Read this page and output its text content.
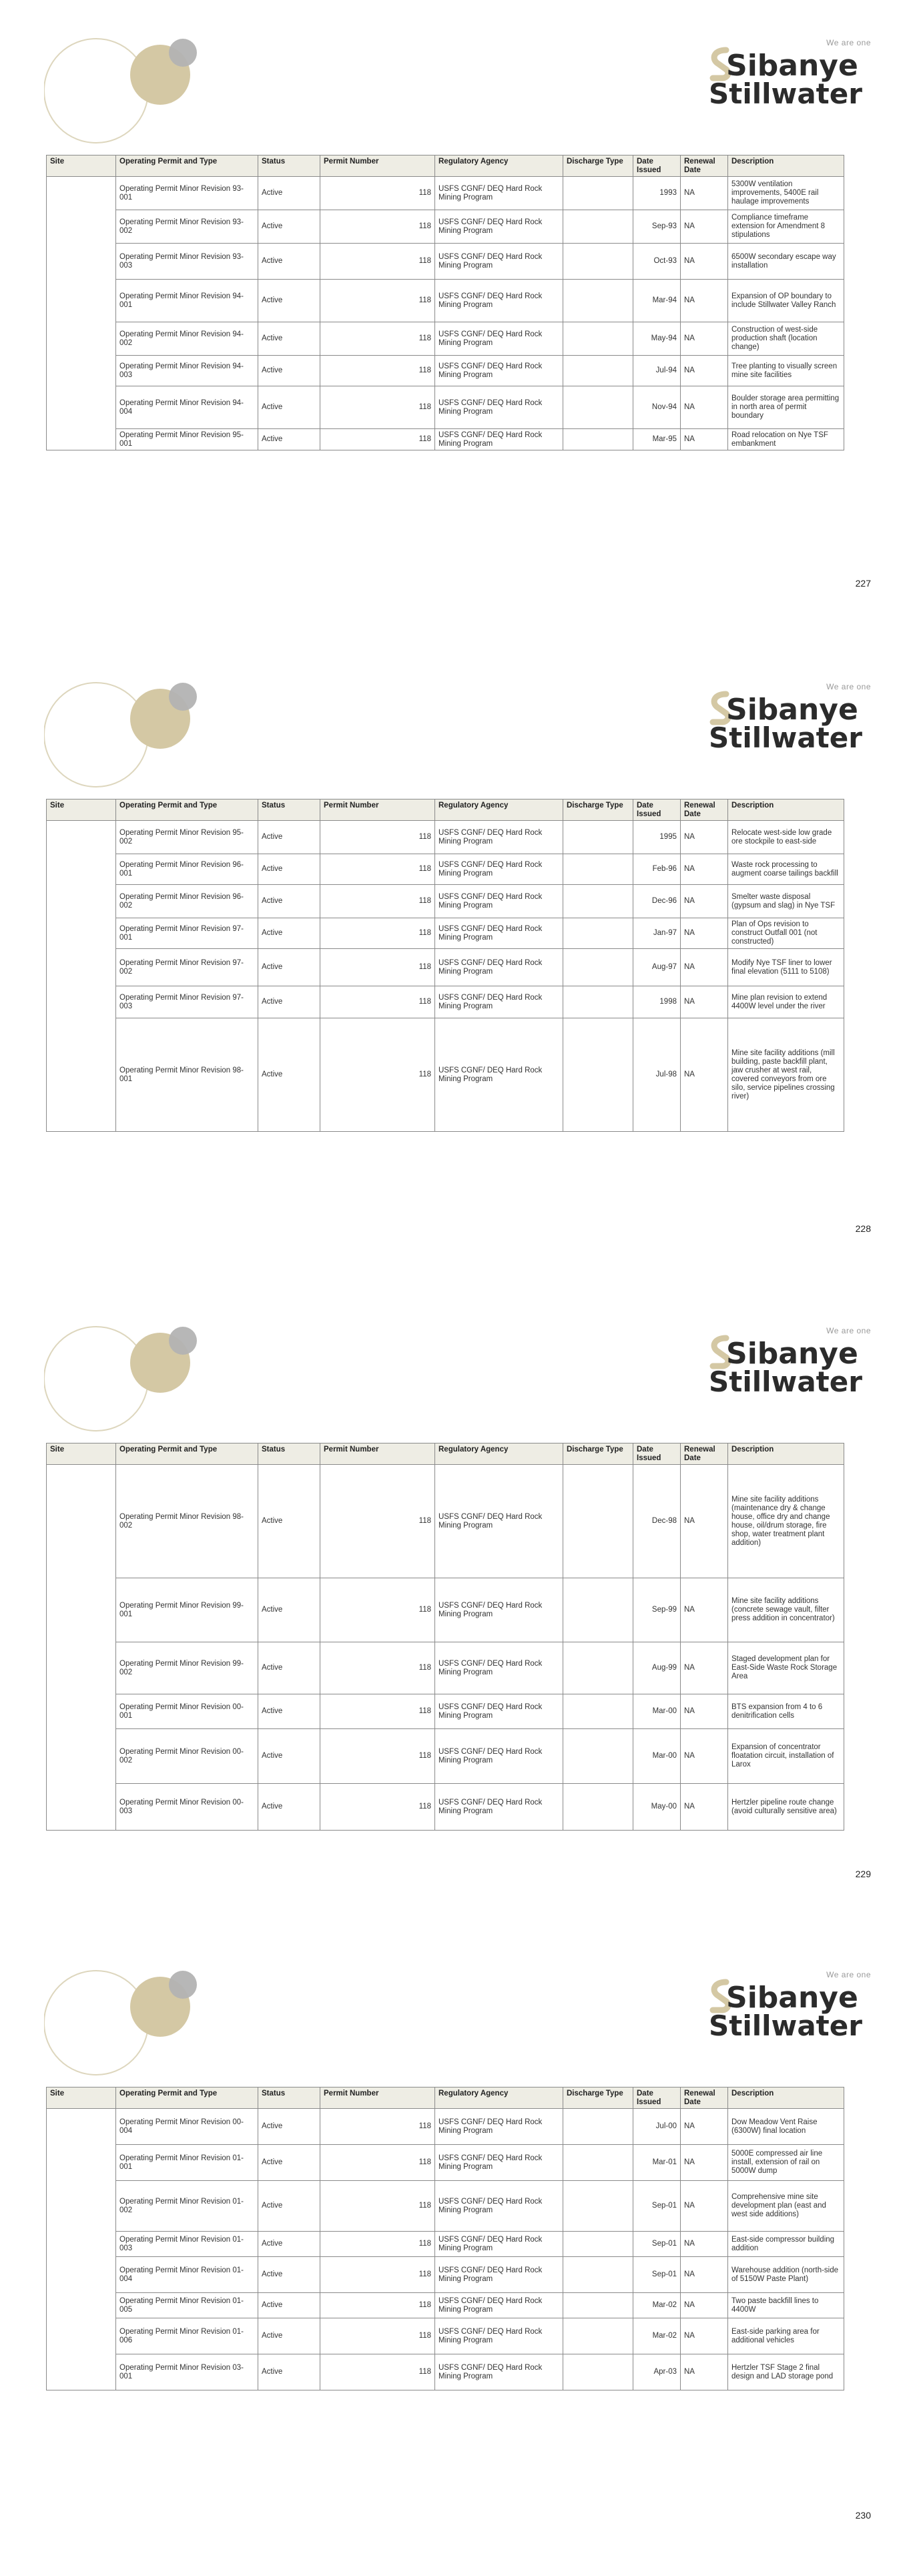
We are one
Sibanye
Stillwater
Site	Operating Permit and Type	Status	Permit Number	Regulatory Agency	Discharge Type	Date Issued	Renewal Date	Description
	Operating Permit Minor Revision 93-001	Active	118	USFS CGNF/ DEQ Hard Rock Mining Program		1993	NA	5300W ventilation improvements, 5400E rail haulage improvements
	Operating Permit Minor Revision 93-002	Active	118	USFS CGNF/ DEQ Hard Rock Mining Program		Sep-93	NA	Compliance timeframe extension for Amendment 8 stipulations
	Operating Permit Minor Revision 93-003	Active	118	USFS CGNF/ DEQ Hard Rock Mining Program		Oct-93	NA	6500W secondary escape way installation
	Operating Permit Minor Revision 94-001	Active	118	USFS CGNF/ DEQ Hard Rock Mining Program		Mar-94	NA	Expansion of OP boundary to include Stillwater Valley Ranch
	Operating Permit Minor Revision 94-002	Active	118	USFS CGNF/ DEQ Hard Rock Mining Program		May-94	NA	Construction of west-side production shaft (location change)
	Operating Permit Minor Revision 94-003	Active	118	USFS CGNF/ DEQ Hard Rock Mining Program		Jul-94	NA	Tree planting to visually screen mine site facilities
	Operating Permit Minor Revision 94-004	Active	118	USFS CGNF/ DEQ Hard Rock Mining Program		Nov-94	NA	Boulder storage area permitting in north area of permit boundary
	Operating Permit Minor Revision 95-001	Active	118	USFS CGNF/ DEQ Hard Rock Mining Program		Mar-95	NA	Road relocation on Nye TSF embankment
227
We are one
Sibanye
Stillwater
Site	Operating Permit and Type	Status	Permit Number	Regulatory Agency	Discharge Type	Date Issued	Renewal Date	Description
	Operating Permit Minor Revision 95-002	Active	118	USFS CGNF/ DEQ Hard Rock Mining Program		1995	NA	Relocate west-side low grade ore stockpile to east-side
	Operating Permit Minor Revision 96-001	Active	118	USFS CGNF/ DEQ Hard Rock Mining Program		Feb-96	NA	Waste rock processing to augment coarse tailings backfill
	Operating Permit Minor Revision 96-002	Active	118	USFS CGNF/ DEQ Hard Rock Mining Program		Dec-96	NA	Smelter waste disposal (gypsum and slag) in Nye TSF
	Operating Permit Minor Revision 97-001	Active	118	USFS CGNF/ DEQ Hard Rock Mining Program		Jan-97	NA	Plan of Ops revision to construct Outfall 001 (not constructed)
	Operating Permit Minor Revision 97-002	Active	118	USFS CGNF/ DEQ Hard Rock Mining Program		Aug-97	NA	Modify Nye TSF liner to lower final elevation (5111 to 5108)
	Operating Permit Minor Revision 97-003	Active	118	USFS CGNF/ DEQ Hard Rock Mining Program		1998	NA	Mine plan revision to extend 4400W level under the river
	Operating Permit Minor Revision 98-001	Active	118	USFS CGNF/ DEQ Hard Rock Mining Program		Jul-98	NA	Mine site facility additions (mill building, paste backfill plant, jaw crusher at west rail, covered conveyors from ore silo, service pipelines crossing river)
228
We are one
Sibanye
Stillwater
Site	Operating Permit and Type	Status	Permit Number	Regulatory Agency	Discharge Type	Date Issued	Renewal Date	Description
	Operating Permit Minor Revision 98-002	Active	118	USFS CGNF/ DEQ Hard Rock Mining Program		Dec-98	NA	Mine site facility additions (maintenance dry & change house, office dry and change house, oil/drum storage, fire shop, water treatment plant addition)
	Operating Permit Minor Revision 99-001	Active	118	USFS CGNF/ DEQ Hard Rock Mining Program		Sep-99	NA	Mine site facility additions (concrete sewage vault, filter press addition in concentrator)
	Operating Permit Minor Revision 99-002	Active	118	USFS CGNF/ DEQ Hard Rock Mining Program		Aug-99	NA	Staged development plan for East-Side Waste Rock Storage Area
	Operating Permit Minor Revision 00-001	Active	118	USFS CGNF/ DEQ Hard Rock Mining Program		Mar-00	NA	BTS expansion from 4 to 6 denitrification cells
	Operating Permit Minor Revision 00-002	Active	118	USFS CGNF/ DEQ Hard Rock Mining Program		Mar-00	NA	Expansion of concentrator floatation circuit, installation of Larox
	Operating Permit Minor Revision 00-003	Active	118	USFS CGNF/ DEQ Hard Rock Mining Program		May-00	NA	Hertzler pipeline route change (avoid culturally sensitive area)
229
We are one
Sibanye
Stillwater
Site	Operating Permit and Type	Status	Permit Number	Regulatory Agency	Discharge Type	Date Issued	Renewal Date	Description
	Operating Permit Minor Revision 00-004	Active	118	USFS CGNF/ DEQ Hard Rock Mining Program		Jul-00	NA	Dow Meadow Vent Raise (6300W) final location
	Operating Permit Minor Revision 01-001	Active	118	USFS CGNF/ DEQ Hard Rock Mining Program		Mar-01	NA	5000E compressed air line install, extension of rail on 5000W dump
	Operating Permit Minor Revision 01-002	Active	118	USFS CGNF/ DEQ Hard Rock Mining Program		Sep-01	NA	Comprehensive mine site development plan (east and west side additions)
	Operating Permit Minor Revision 01-003	Active	118	USFS CGNF/ DEQ Hard Rock Mining Program		Sep-01	NA	East-side compressor building addition
	Operating Permit Minor Revision 01-004	Active	118	USFS CGNF/ DEQ Hard Rock Mining Program		Sep-01	NA	Warehouse addition (north-side of 5150W Paste Plant)
	Operating Permit Minor Revision 01-005	Active	118	USFS CGNF/ DEQ Hard Rock Mining Program		Mar-02	NA	Two paste backfill lines to 4400W
	Operating Permit Minor Revision 01-006	Active	118	USFS CGNF/ DEQ Hard Rock Mining Program		Mar-02	NA	East-side parking area for additional vehicles
	Operating Permit Minor Revision 03-001	Active	118	USFS CGNF/ DEQ Hard Rock Mining Program		Apr-03	NA	Hertzler TSF Stage 2 final design and LAD storage pond
230
